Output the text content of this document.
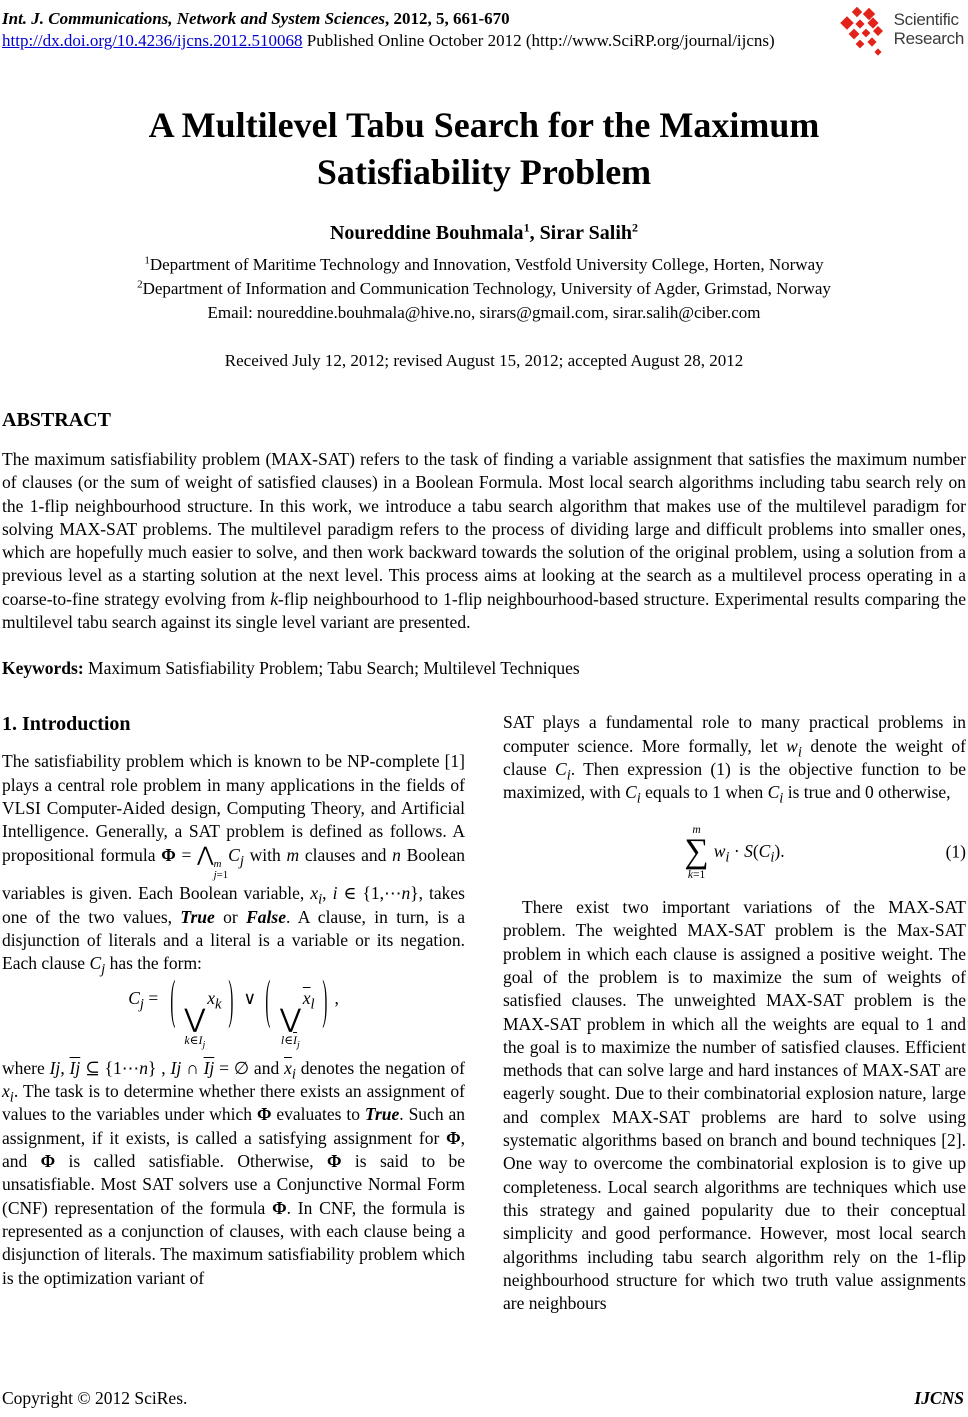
Int. J. Communications, Network and System Sciences, 2012, 5, 661-670
http://dx.doi.org/10.4236/ijcns.2012.510068 Published Online October 2012 (http://www.SciRP.org/journal/ijcns)
Scientific
Research
A Multilevel Tabu Search for the Maximum Satisfiability Problem
Noureddine Bouhmala$^1$, Sirar Salih$^2$
$^1$Department of Maritime Technology and Innovation, Vestfold University College, Horten, Norway
$^2$Department of Information and Communication Technology, University of Agder, Grimstad, Norway
Email: noureddine.bouhmala@hive.no, sirars@gmail.com, sirar.salih@ciber.com
Received July 12, 2012; revised August 15, 2012; accepted August 28, 2012
ABSTRACT
The maximum satisfiability problem (MAX-SAT) refers to the task of finding a variable assignment that satisfies the maximum number of clauses (or the sum of weight of satisfied clauses) in a Boolean Formula. Most local search algorithms including tabu search rely on the 1-flip neighbourhood structure. In this work, we introduce a tabu search algorithm that makes use of the multilevel paradigm for solving MAX-SAT problems. The multilevel paradigm refers to the process of dividing large and difficult problems into smaller ones, which are hopefully much easier to solve, and then work backward towards the solution of the original problem, using a solution from a previous level as a starting solution at the next level. This process aims at looking at the search as a multilevel process operating in a coarse-to-fine strategy evolving from k-flip neighbourhood to 1-flip neighbourhood-based structure. Experimental results comparing the multilevel tabu search against its single level variant are presented.
Keywords: Maximum Satisfiability Problem; Tabu Search; Multilevel Techniques
1. Introduction

The satisfiability problem which is known to be NP-complete [1] plays a central role problem in many applications in the fields of VLSI Computer-Aided design, Computing Theory, and Artificial Intelligence. Generally, a SAT problem is defined as follows. A propositional formula Φ = ⋀ m
j=1
$C_j$ with m clauses and n Boolean variables is given. Each Boolean variable, $x_i$, i ∈ {1,⋯n}, takes one of the two values, True or False. A clause, in turn, is a disjunction of literals and a literal is a variable or its negation. Each clause $C_j$ has the form:

$C_j$ = ( ⋁
$k\in I_j$
$x_k$ ) ∨ ( ⋁
$l\in\overline{I}_j$
$\overline{x}_l$ ) ,

where Ij, $\overline{Ij}$ ⊆ {1⋯n} , Ij ∩ $\overline{Ij}$ = ∅ and $\overline{x}_i$ denotes the negation of $x_i$. The task is to determine whether there exists an assignment of values to the variables under which Φ evaluates to True. Such an assignment, if it exists, is called a satisfying assignment for Φ, and Φ is called satisfiable. Otherwise, Φ is said to be unsatisfiable. Most SAT solvers use a Conjunctive Normal Form (CNF) representation of the formula Φ. In CNF, the formula is represented as a conjunction of clauses, with each clause being a disjunction of literals. The maximum satisfiability problem which is the optimization variant of

SAT plays a fundamental role to many practical problems in computer science. More formally, let $w_i$ denote the weight of clause $C_i$. Then expression (1) is the objective function to be maximized, with $C_i$ equals to 1 when $C_i$ is true and 0 otherwise,

m
∑
k=1
$w_i \cdot S(C_i)$.	(1)

There exist two important variations of the MAX-SAT problem. The weighted MAX-SAT problem is the Max-SAT problem in which each clause is assigned a positive weight. The goal of the problem is to maximize the sum of weights of satisfied clauses. The unweighted MAX-SAT problem is the MAX-SAT problem in which all the weights are equal to 1 and the goal is to maximize the number of satisfied clauses. Efficient methods that can solve large and hard instances of MAX-SAT are eagerly sought. Due to their combinatorial explosion nature, large and complex MAX-SAT problems are hard to solve using systematic algorithms based on branch and bound techniques [2]. One way to overcome the combinatorial explosion is to give up completeness. Local search algorithms are techniques which use this strategy and gained popularity due to their conceptual simplicity and good performance. However, most local search algorithms including tabu search algorithm rely on the 1-flip neighbourhood structure for which two truth value assignments are neighbours

Copyright © 2012 SciRes.	IJCNS
